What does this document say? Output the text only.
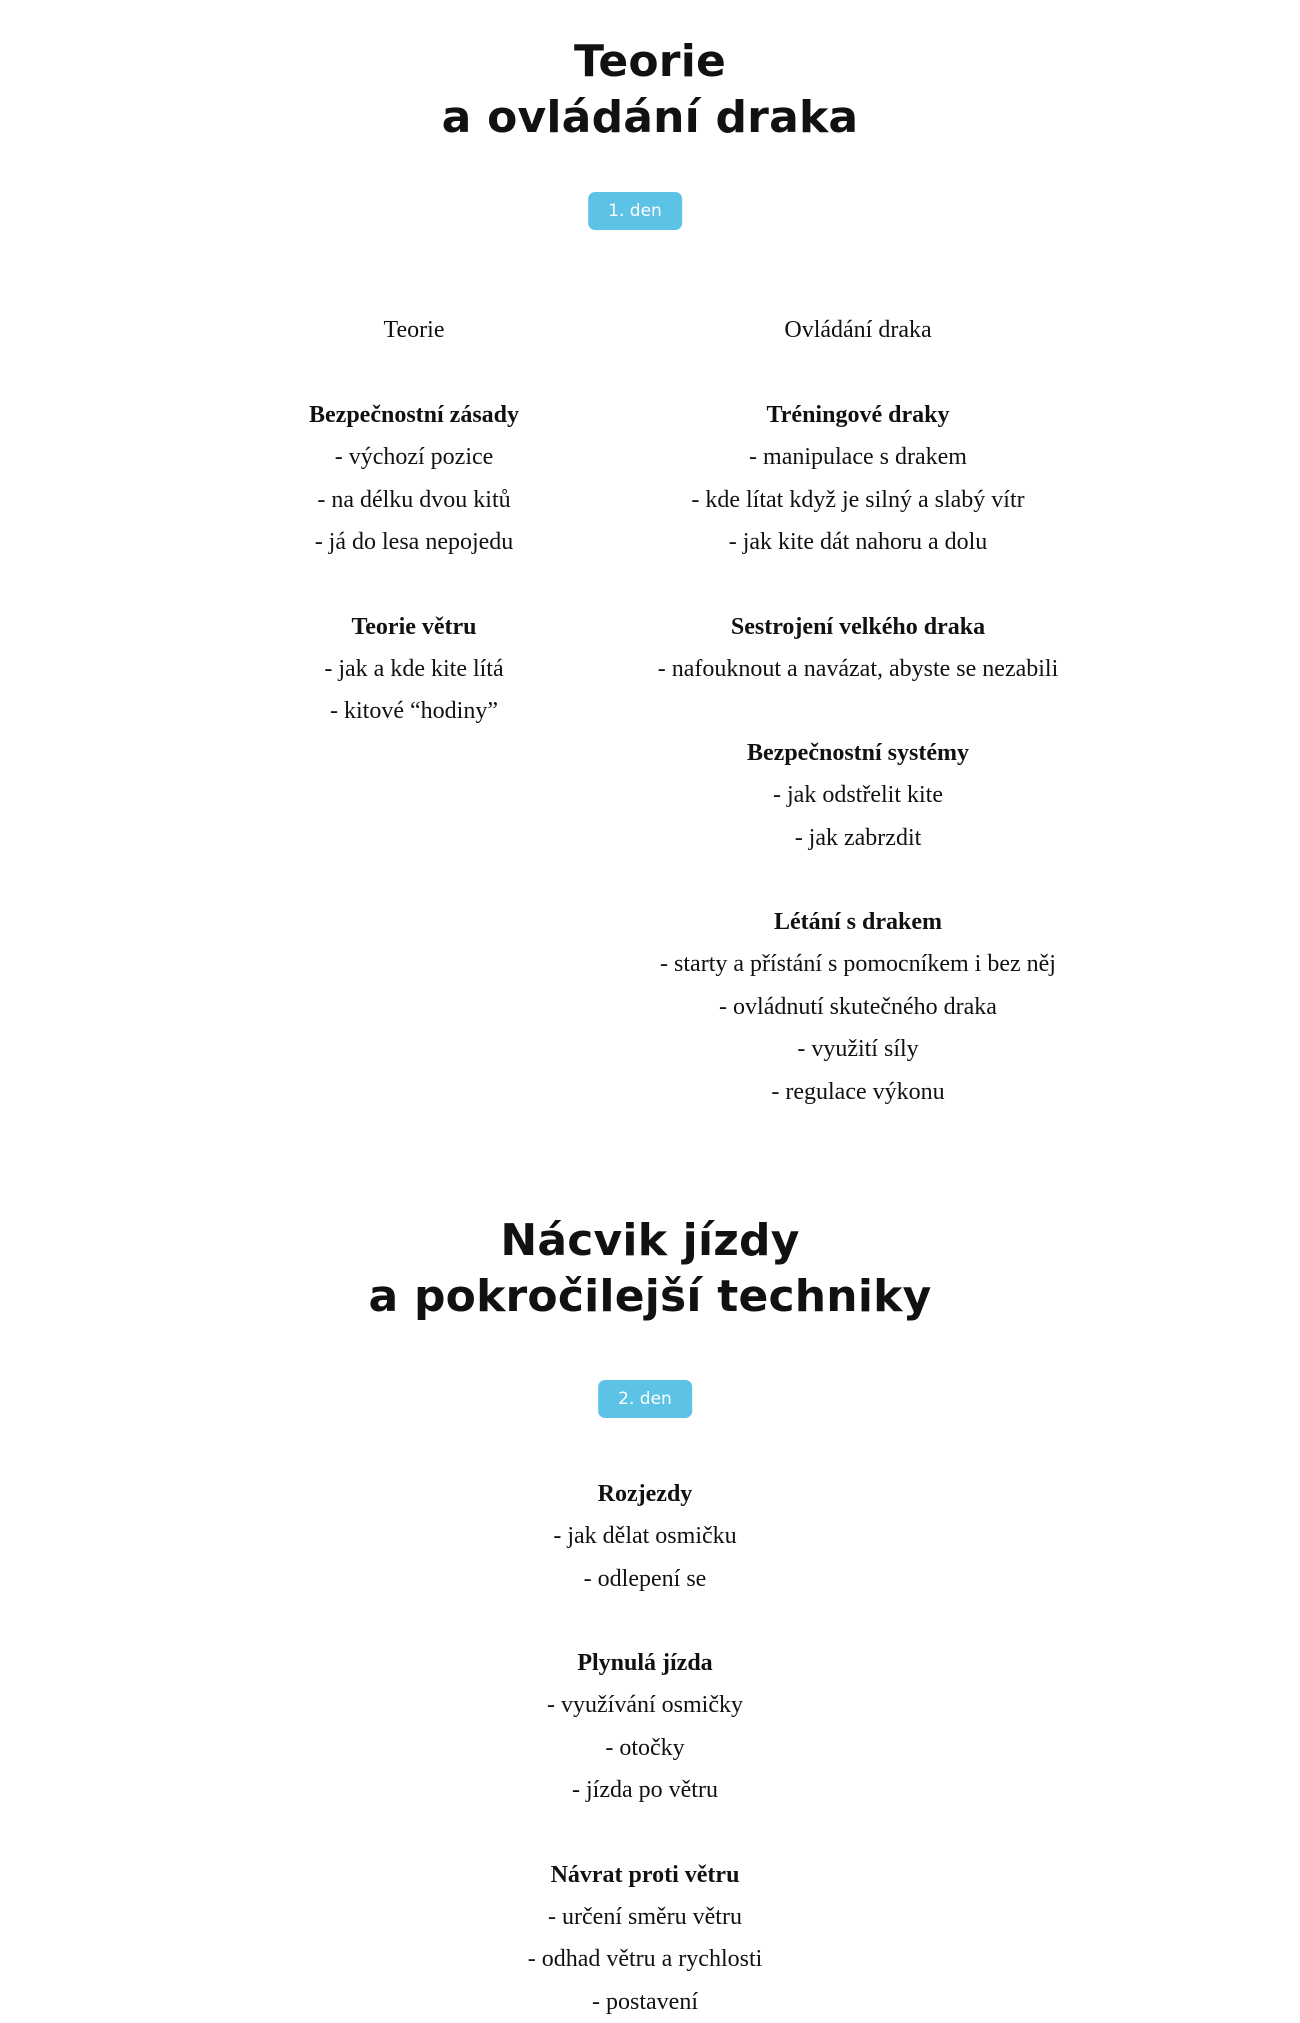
Teorie
a ovládání draka
1. den
Teorie	Ovládání draka
Bezpečnostní zásady
- výchozí pozice
- na délku dvou kitů
- já do lesa nepojedu
Teorie větru
- jak a kde kite lítá
- kitové “hodiny”
Tréningové draky
- manipulace s drakem
- kde lítat když je silný a slabý vítr
- jak kite dát nahoru a dolu
Sestrojení velkého draka
- nafouknout a navázat, abyste se nezabili
Bezpečnostní systémy
- jak odstřelit kite
- jak zabrzdit
Létání s drakem
- starty a přístání s pomocníkem i bez něj
- ovládnutí skutečného draka
- využití síly
- regulace výkonu
Nácvik jízdy
a pokročilejší techniky
2. den
Rozjezdy
- jak dělat osmičku
- odlepení se
Plynulá jízda
- využívání osmičky
- otočky
- jízda po větru
Návrat proti větru
- určení směru větru
- odhad větru a rychlosti
- postavení
